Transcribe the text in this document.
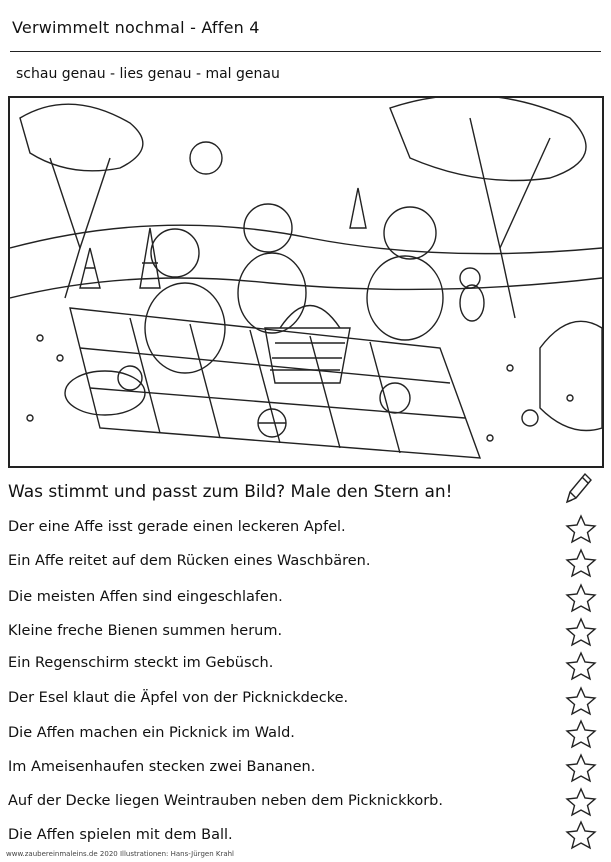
Verwimmelt nochmal - Affen 4
schau genau - lies genau - mal genau
Was stimmt und passt zum Bild? Male den Stern an!
Der eine Affe isst gerade einen leckeren Apfel.
Ein Affe reitet auf dem Rücken eines Waschbären.
Die meisten Affen sind eingeschlafen.
Kleine freche Bienen summen herum.
Ein Regenschirm steckt im Gebüsch.
Der Esel klaut die Äpfel von der Picknickdecke.
Die Affen machen ein Picknick im Wald.
Im Ameisenhaufen stecken zwei Bananen.
Auf der Decke liegen Weintrauben neben dem Picknickkorb.
Die Affen spielen mit dem Ball.
www.zaubereinmaleins.de 2020 Illustrationen: Hans-Jürgen Krahl
